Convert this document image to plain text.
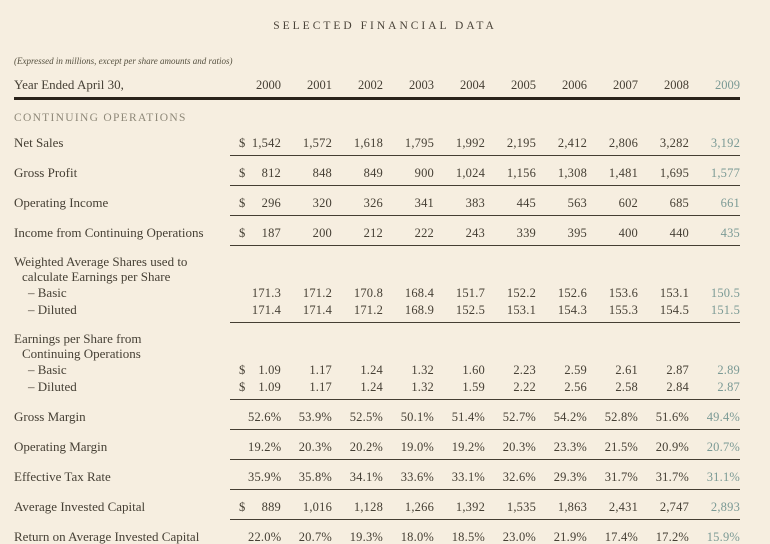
SELECTED FINANCIAL DATA
(Expressed in millions, except per share amounts and ratios)
Year Ended April 30,		2000	2001	2002	2003	2004	2005	2006	2007	2008	2009
CONTINUING OPERATIONS											
Net Sales	$	1,542	1,572	1,618	1,795	1,992	2,195	2,412	2,806	3,282	3,192
Gross Profit	$	812	848	849	900	1,024	1,156	1,308	1,481	1,695	1,577
Operating Income	$	296	320	326	341	383	445	563	602	685	661
Income from Continuing Operations	$	187	200	212	222	243	339	395	400	440	435

Weighted Average Shares used to
calculate Earnings per Share											

– Basic		171.3	171.2	170.8	168.4	151.7	152.2	152.6	153.6	153.1	150.5
– Diluted		171.4	171.4	171.2	168.9	152.5	153.1	154.3	155.3	154.5	151.5

Earnings per Share from
Continuing Operations											

– Basic	$	1.09	1.17	1.24	1.32	1.60	2.23	2.59	2.61	2.87	2.89
– Diluted	$	1.09	1.17	1.24	1.32	1.59	2.22	2.56	2.58	2.84	2.87
Gross Margin		52.6%	53.9%	52.5%	50.1%	51.4%	52.7%	54.2%	52.8%	51.6%	49.4%
Operating Margin		19.2%	20.3%	20.2%	19.0%	19.2%	20.3%	23.3%	21.5%	20.9%	20.7%
Effective Tax Rate		35.9%	35.8%	34.1%	33.6%	33.1%	32.6%	29.3%	31.7%	31.7%	31.1%
Average Invested Capital	$	889	1,016	1,128	1,266	1,392	1,535	1,863	2,431	2,747	2,893
Return on Average Invested Capital		22.0%	20.7%	19.3%	18.0%	18.5%	23.0%	21.9%	17.4%	17.2%	15.9%
